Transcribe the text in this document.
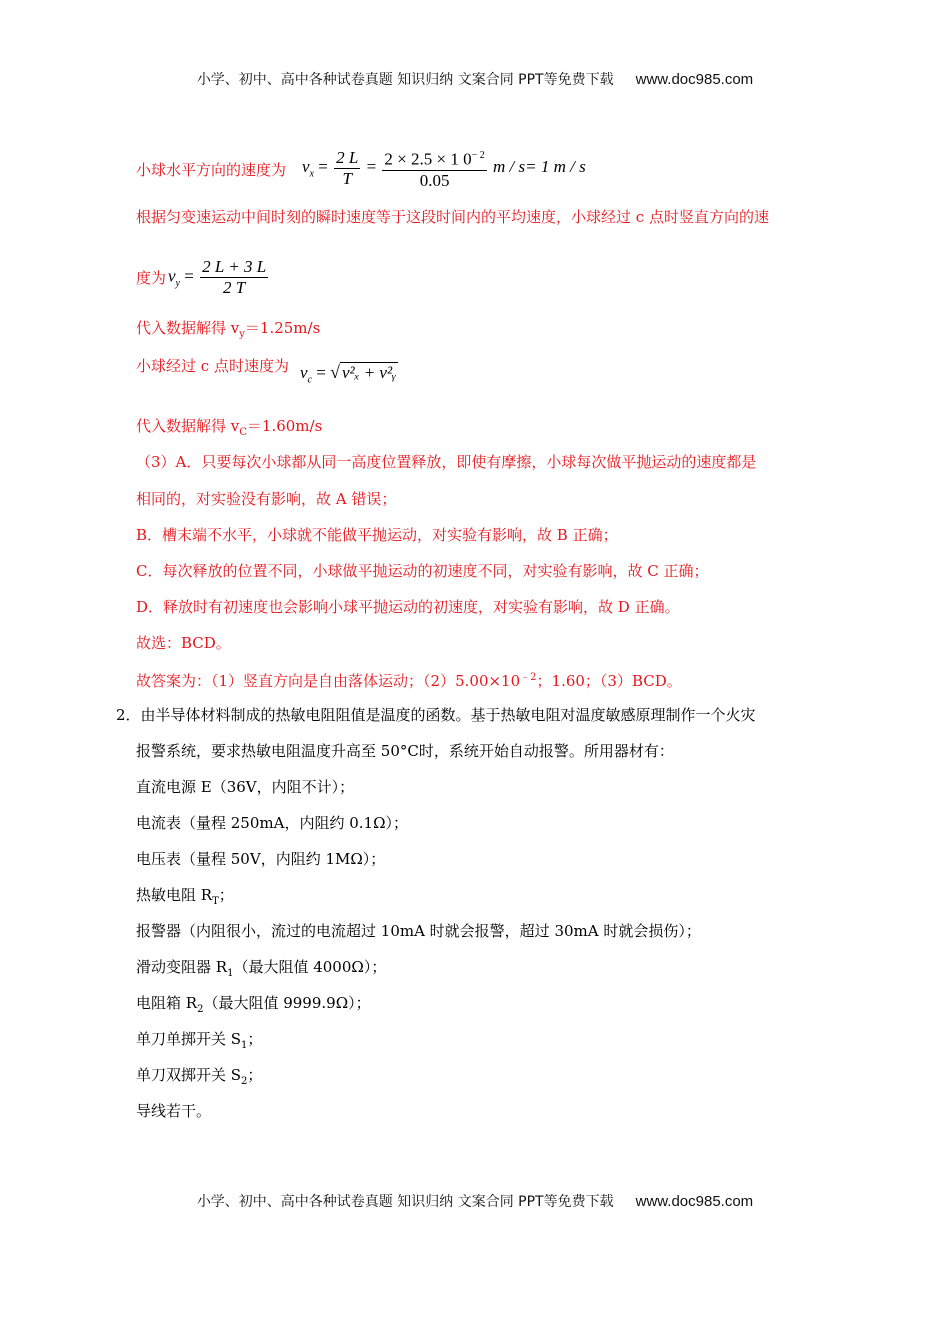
小学、初中、高中各种试卷真题 知识归纳 文案合同 PPT等免费下载 www.doc985.com
小球水平方向的速度为 $v_x = \frac{2 L}{T} = \frac{2 \times 2.5 \times 1 0^{- 2}}{0.05}$ m / s= 1 m / s
根据匀变速运动中间时刻的瞬时速度等于这段时间内的平均速度，小球经过 c 点时竖直方向的速
度为 $v_y = \frac{2 L + 3 L}{2 T}$
代入数据解得 $v_y=1.25m/s$
小球经过 c 点时速度为 $v_c$ = √ v²ₓ + v²ᵧ
代入数据解得 $v_C=1.60m/s$
（3）A．只要每次小球都从同一高度位置释放，即使有摩擦，小球每次做平抛运动的速度都是
相同的，对实验没有影响，故 A 错误；
B．槽末端不水平，小球就不能做平抛运动，对实验有影响，故 B 正确；
C．每次释放的位置不同，小球做平抛运动的初速度不同，对实验有影响，故 C 正确；
D．释放时有初速度也会影响小球平抛运动的初速度，对实验有影响，故 D 正确。
故选：BCD。
故答案为：（1）竖直方向是自由落体运动；$(2)5.00\times 10^{﹣2}$；1.60；（3）BCD。
2．由半导体材料制成的热敏电阻阻值是温度的函数。基于热敏电阻对温度敏感原理制作一个火灾
报警系统，要求热敏电阻温度升高至 50°C时，系统开始自动报警。所用器材有：
直流电源 E（36V，内阻不计）；
电流表（量程 250mA，内阻约 0.1Ω）；
电压表（量程 50V，内阻约 1MΩ）；
热敏电阻 $R_T$；
报警器（内阻很小，流过的电流超过 10mA 时就会报警，超过 30mA 时就会损伤）；
滑动变阻器 $R_1$（最大阻值 4000Ω）；
电阻箱 $R_2$（最大阻值 9999.9Ω）；
单刀单掷开关 $S_1$；
单刀双掷开关 $S_2$；
导线若干。
小学、初中、高中各种试卷真题 知识归纳 文案合同 PPT等免费下载 www.doc985.com
